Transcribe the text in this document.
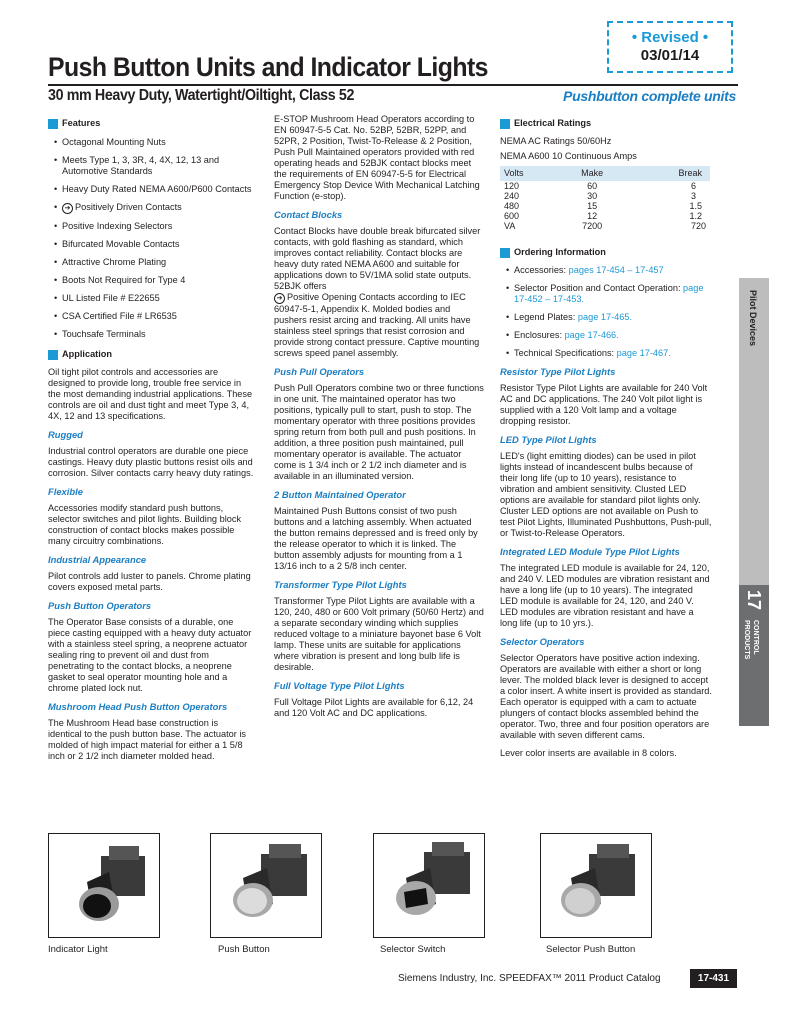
• Revised •
03/01/14
Push Button Units and Indicator Lights
30 mm Heavy Duty, Watertight/Oiltight, Class 52	Pushbutton complete units
Features
• Octagonal Mounting Nuts
• Meets Type 1, 3, 3R, 4, 4X, 12, 13 and Automotive Standards
• Heavy Duty Rated NEMA A600/P600 Contacts
• ➔ Positively Driven Contacts
• Positive Indexing Selectors
• Bifurcated Movable Contacts
• Attractive Chrome Plating
• Boots Not Required for Type 4
• UL Listed File # E22655
• CSA Certified File # LR6535
• Touchsafe Terminals
Application

Oil tight pilot controls and accessories are designed to provide long, trouble free service in the most demanding industrial applications. These controls are oil and dust tight and meet Type 3, 4, 4X, 12 and 13 specifications.

Rugged

Industrial control operators are durable one piece castings. Heavy duty plastic buttons resist oils and corrosion. Silver contacts carry heavy duty ratings.

Flexible

Accessories modify standard push buttons, selector switches and pilot lights. Building block construction of contact blocks makes possible many circuitry combinations.

Industrial Appearance

Pilot controls add luster to panels. Chrome plating covers exposed metal parts.

Push Button Operators

The Operator Base consists of a durable, one piece casting equipped with a heavy duty actuator with a stainless steel spring, a neoprene actuator sealing ring to prevent oil and dust from penetrating to the contact blocks, a neoprene gasket to seal operator mounting hole and a chrome plated lock nut.

Mushroom Head Push Button Operators

The Mushroom Head base construction is identical to the push button base. The actuator is molded of high impact material for either a 1 5/8 inch or 2 1/2 inch diameter molded head.

E-STOP Mushroom Head Operators according to EN 60947-5-5 Cat. No. 52BP, 52BR, 52PP, and 52PR, 2 Position, Twist-To-Release & 2 Position, Push Pull Maintained operators provided with red operating heads and 52BJK contact blocks meet the requirements of EN 60947-5-5 for Electrical Emergency Stop Device With Mechanical Latching Function (e-stop).

Contact Blocks

Contact Blocks have double break bifurcated silver contacts, with gold flashing as standard, which improves contact reliability. Contact blocks are heavy duty rated NEMA A600 and suitable for applications down to 5V/1MA solid state outputs. 52BJK offers
➔ Positive Opening Contacts according to IEC 60947-5-1, Appendix K. Molded bodies and pushers resist arcing and tracking. All units have stainless steel springs that resist corrosion and provide strong contact pressure. Captive mounting screws speed panel assembly.

Push Pull Operators

Push Pull Operators combine two or three functions in one unit. The maintained operator has two positions, typically pull to start, push to stop. The momentary operator with three positions provides spring return from both pull and push positions. In addition, a three position push maintained, pull momentary operator is available. The actuator come is 1 3/4 inch or 2 1/2 inch diameter and is available in an illuminated version.

2 Button Maintained Operator

Maintained Push Buttons consist of two push buttons and a latching assembly. When actuated the button remains depressed and is freed only by the release operator to which it is linked. The button assembly adjusts for mounting from a 1 13/16 inch to a 2 5/8 inch center.

Transformer Type Pilot Lights

Transformer Type Pilot Lights are available with a 120, 240, 480 or 600 Volt primary (50/60 Hertz) and a separate secondary winding which supplies reduced voltage to a miniature bayonet base 6 Volt lamp. These units are suitable for applications where vibration is present and long bulb life is desirable.

Full Voltage Type Pilot Lights

Full Voltage Pilot Lights are available for 6,12, 24 and 120 Volt AC and DC applications.

Electrical Ratings

NEMA AC Ratings 50/60Hz

NEMA A600 10 Continuous Amps

Volts	Make	Break
120	60	6
240	30	3
480	15	1.5
600	12	1.2
VA	7200	720
Ordering Information
• Accessories: pages 17-454 – 17-457
• Selector Position and Contact Operation: page 17-452 – 17-453.
• Legend Plates: page 17-465.
• Enclosures: page 17-466.
• Technical Specifications: page 17-467.
Resistor Type Pilot Lights

Resistor Type Pilot Lights are available for 240 Volt AC and DC applications. The 240 Volt pilot light is supplied with a 120 Volt lamp and a voltage dropping resistor.

LED Type Pilot Lights

LED's (light emitting diodes) can be used in pilot lights instead of incandescent bulbs because of their long life (up to 10 years), resistance to vibration and ambient sensitivity. Clusted LED options are available for standard pilot lights only. Cluster LED options are not available on Push to test Pilot Lights, Illuminated Pushbuttons, Push-pull, or Twist-to-Release Operators.

Integrated LED Module Type Pilot Lights

The integrated LED module is available for 24, 120, and 240 V. LED modules are vibration resistant and have a long life (up to 10 years). The integrated LED module is available for 24, 120, and 240 V. LED modules are vibration resistant and have a long life (up to 10 yrs.).

Selector Operators

Selector Operators have positive action indexing. Operators are available with either a short or long lever. The molded black lever is designed to accept a color insert. A white insert is provided as standard. Each operator is equipped with a cam to actuate plungers of contact blocks assembled behind the operator. Two, three and four position operators are available with seven different cams.

Lever color inserts are available in 8 colors.

Pilot Devices
17
CONTROL
PRODUCTS
Indicator Light	Push Button	Selector Switch	Selector Push Button
Siemens Industry, Inc. SPEEDFAX™ 2011 Product Catalog	17-431
